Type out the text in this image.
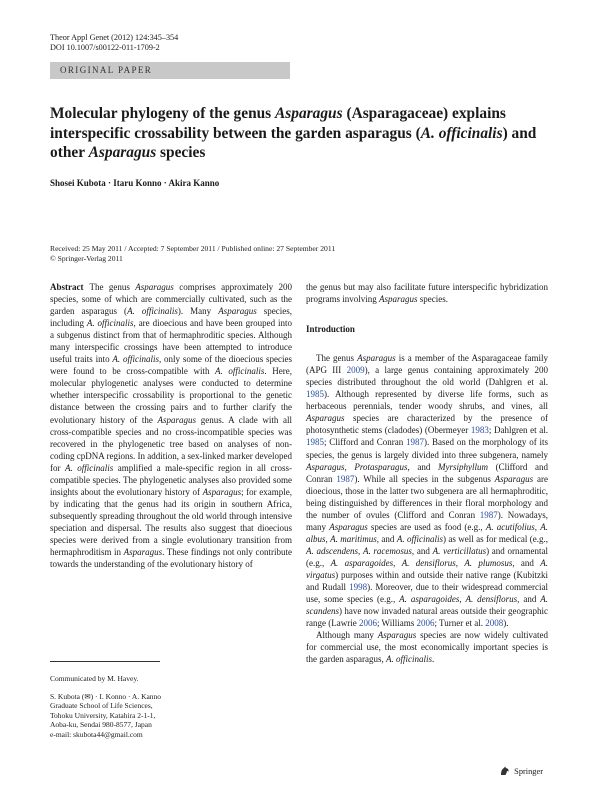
Theor Appl Genet (2012) 124:345–354
DOI 10.1007/s00122-011-1709-2
ORIGINAL PAPER
Molecular phylogeny of the genus Asparagus (Asparagaceae) explains interspecific crossability between the garden asparagus (A. officinalis) and other Asparagus species
Shosei Kubota · Itaru Konno · Akira Kanno
Received: 25 May 2011 / Accepted: 7 September 2011 / Published online: 27 September 2011
© Springer-Verlag 2011

Abstract The genus Asparagus comprises approximately 200 species, some of which are commercially cultivated, such as the garden asparagus (A. officinalis). Many Asparagus species, including A. officinalis, are dioecious and have been grouped into a subgenus distinct from that of hermaphroditic species. Although many interspecific crossings have been attempted to introduce useful traits into A. officinalis, only some of the dioecious species were found to be cross-compatible with A. officinalis. Here, molecular phylogenetic analyses were conducted to determine whether interspecific crossability is proportional to the genetic distance between the crossing pairs and to further clarify the evolutionary history of the Asparagus genus. A clade with all cross-compatible species and no cross-incompatible species was recovered in the phylogenetic tree based on analyses of non-coding cpDNA regions. In addition, a sex-linked marker developed for A. officinalis amplified a male-specific region in all cross-compatible species. The phylogenetic analyses also provided some insights about the evolutionary history of Asparagus; for example, by indicating that the genus had its origin in southern Africa, subsequently spreading throughout the old world through intensive speciation and dispersal. The results also suggest that dioecious species were derived from a single evolutionary transition from hermaphroditism in Asparagus. These findings not only contribute towards the understanding of the evolutionary history of

Communicated by M. Havey.

S. Kubota (✉) · I. Konno · A. Kanno

Graduate School of Life Sciences,

Tohoku University, Katahira 2-1-1,

Aoba-ku, Sendai 980-8577, Japan

e-mail: skubota44@gmail.com

the genus but may also facilitate future interspecific hybridization programs involving Asparagus species.

Introduction

The genus Asparagus is a member of the Asparagaceae family (APG III 2009), a large genus containing approximately 200 species distributed throughout the old world (Dahlgren et al. 1985). Although represented by diverse life forms, such as herbaceous perennials, tender woody shrubs, and vines, all Asparagus species are characterized by the presence of photosynthetic stems (cladodes) (Obermeyer 1983; Dahlgren et al. 1985; Clifford and Conran 1987). Based on the morphology of its species, the genus is largely divided into three subgenera, namely Asparagus, Protasparagus, and Myrsiphyllum (Clifford and Conran 1987). While all species in the subgenus Asparagus are dioecious, those in the latter two subgenera are all hermaphroditic, being distinguished by differences in their floral morphology and the number of ovules (Clifford and Conran 1987). Nowadays, many Asparagus species are used as food (e.g., A. acutifolius, A. albus, A. maritimus, and A. officinalis) as well as for medical (e.g., A. adscendens, A. racemosus, and A. verticillatus) and ornamental (e.g., A. asparagoides, A. densiflorus, A. plumosus, and A. virgatus) purposes within and outside their native range (Kubitzki and Rudall 1998). Moreover, due to their widespread commercial use, some species (e.g., A. asparagoides, A. densiflorus, and A. scandens) have now invaded natural areas outside their geographic range (Lawrie 2006; Williams 2006; Turner et al. 2008).

Although many Asparagus species are now widely cultivated for commercial use, the most economically important species is the garden asparagus, A. officinalis.

Springer
